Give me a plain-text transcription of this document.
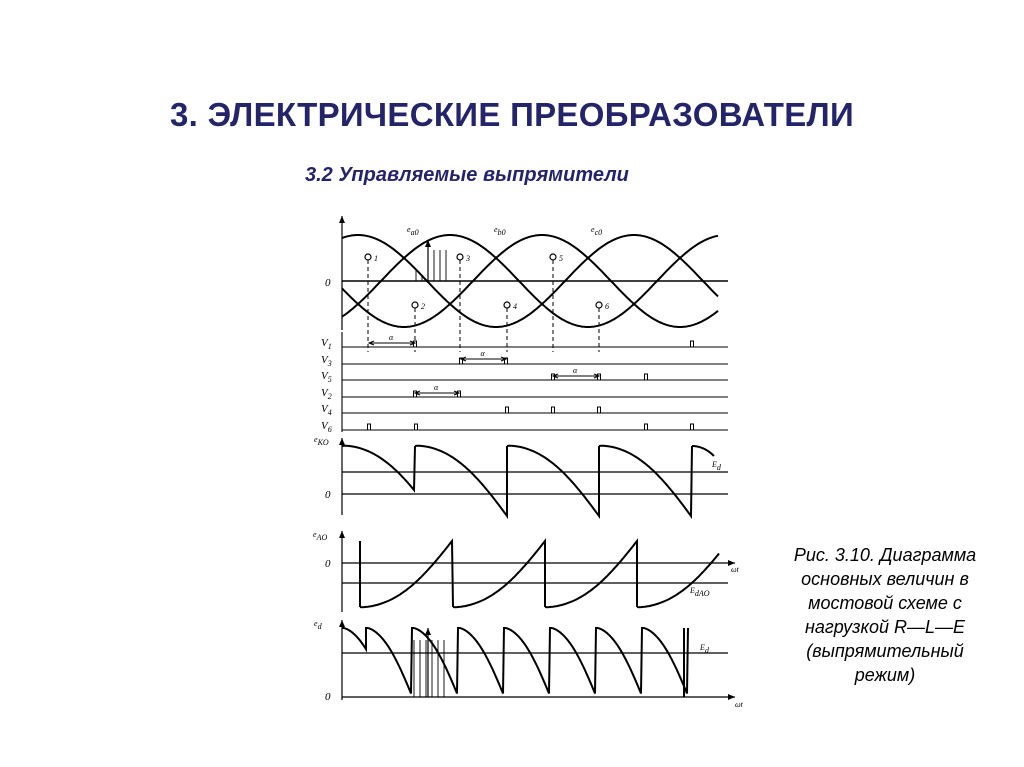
3. ЭЛЕКТРИЧЕСКИЕ ПРЕОБРАЗОВАТЕЛИ
3.2 Управляемые выпрямители
0
ea0	eb0	ec0
1
2
3
4
5
6
$V_1$
$V_3$
$V_5$
$V_2$
$V_4$
$V_6$
α
α
α
α
eKO
0
Ed
eAO
0	ωt
EdAO
ed
0
ωt
Ed
Рис. 3.10. Диаграмма
основных величин в
мостовой схеме с
нагрузкой R—L—E
(выпрямительный
режим)
